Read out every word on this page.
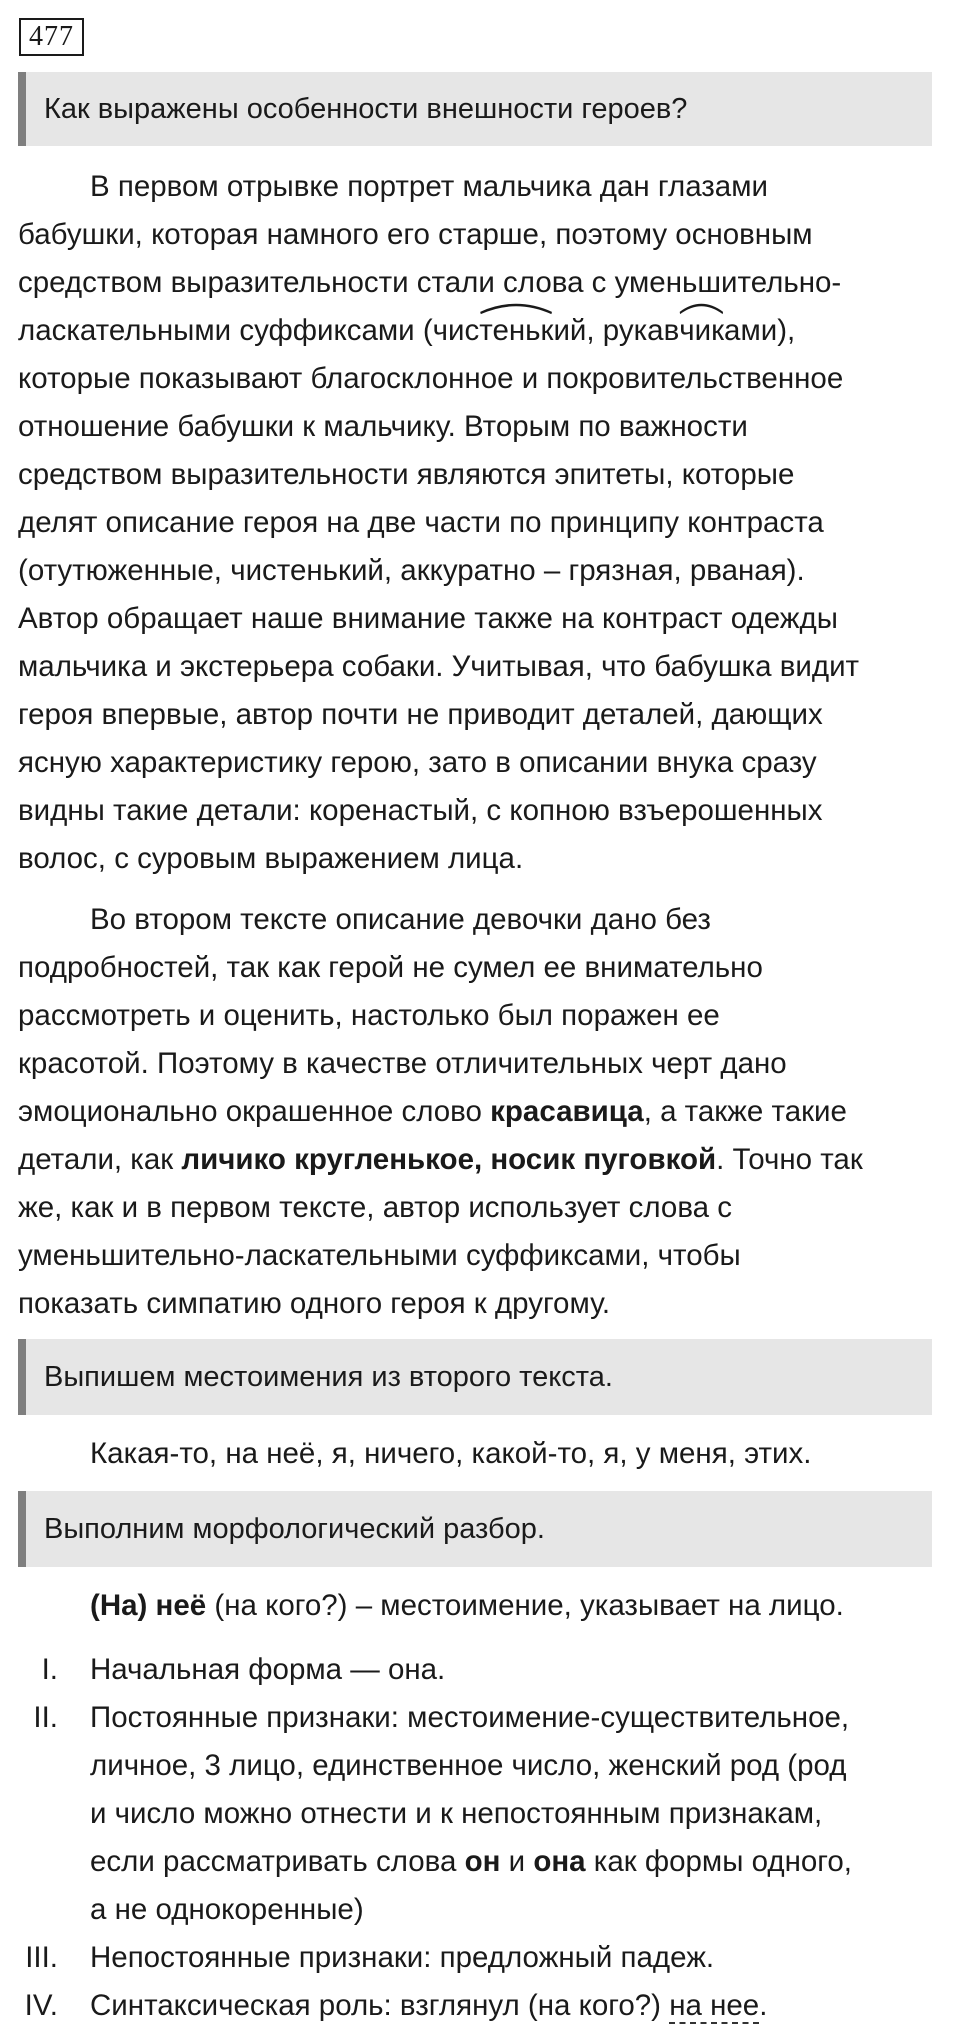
477
Как выражены особенности внешности героев?
В первом отрывке портрет мальчика дан глазами
бабушки, которая намного его старше, поэтому основным
средством выразительности стали слова с уменьшительно-
ласкательными суффиксами (чис
тенький, рукав
чиками),
которые показывают благосклонное и покровительственное
отношение бабушки к мальчику. Вторым по важности
средством выразительности являются эпитеты, которые
делят описание героя на две части по принципу контраста
(отутюженные, чистенький, аккуратно – грязная, рваная).
Автор обращает наше внимание также на контраст одежды
мальчика и экстерьера собаки. Учитывая, что бабушка видит
героя впервые, автор почти не приводит деталей, дающих
ясную характеристику герою, зато в описании внука сразу
видны такие детали: коренастый, с копною взъерошенных
волос, с суровым выражением лица.
Во втором тексте описание девочки дано без
подробностей, так как герой не сумел ее внимательно
рассмотреть и оценить, настолько был поражен ее
красотой. Поэтому в качестве отличительных черт дано
эмоционально окрашенное слово красавица, а также такие
детали, как личико кругленькое, носик пуговкой. Точно так
же, как и в первом тексте, автор использует слова с
уменьшительно-ласкательными суффиксами, чтобы
показать симпатию одного героя к другому.
Выпишем местоимения из второго текста.
Какая-то, на неё, я, ничего, какой-то, я, у меня, этих.
Выполним морфологический разбор.
(На) неё (на кого?) – местоимение, указывает на лицо.
I. Начальная форма — она.
II. Постоянные признаки: местоимение-существительное,
личное, 3 лицо, единственное число, женский род (род
и число можно отнести и к непостоянным признакам,
если рассматривать слова он и она как формы одного,
а не однокоренные)
III. Непостоянные признаки: предложный падеж.
IV. Синтаксическая роль: взглянул (на кого?) на нее.
